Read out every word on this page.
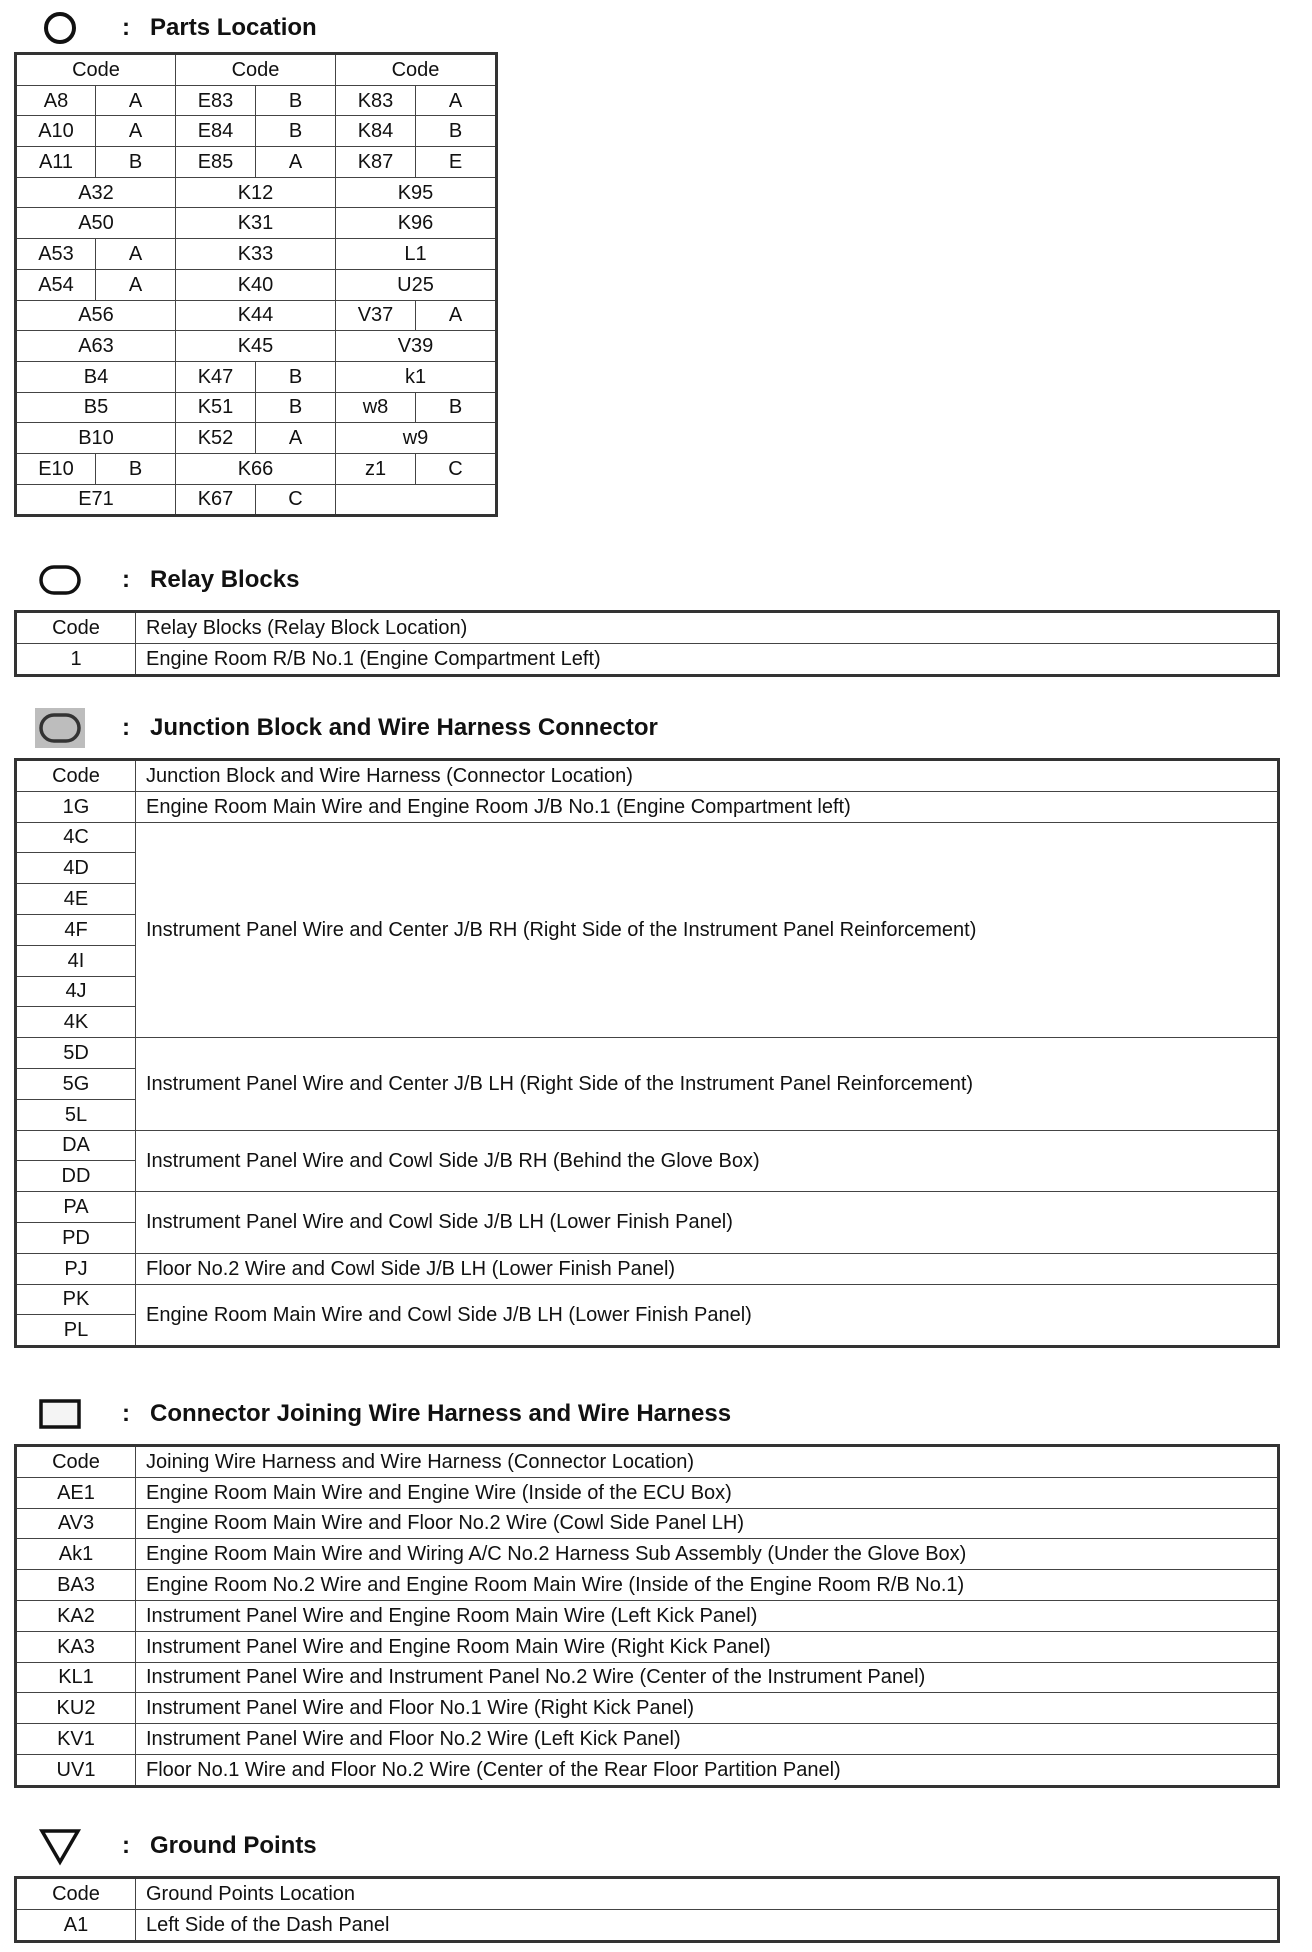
: Parts Location
Code		Code		Code	
A8	A	E83	B	K83	A
A10	A	E84	B	K84	B
A11	B	E85	A	K87	E
A32		K12		K95	
A50		K31		K96	
A53	A	K33		L1	
A54	A	K40		U25	
A56		K44		V37	A
A63		K45		V39	
B4		K47	B	k1	
B5		K51	B	w8	B
B10		K52	A	w9	
E10	B	K66		z1	C
E71		K67	C		
: Relay Blocks
Code	Relay Blocks (Relay Block Location)
1	Engine Room R/B No.1 (Engine Compartment Left)
: Junction Block and Wire Harness Connector
Code	Junction Block and Wire Harness (Connector Location)
1G	Engine Room Main Wire and Engine Room J/B No.1 (Engine Compartment left)
4C	Instrument Panel Wire and Center J/B RH (Right Side of the Instrument Panel Reinforcement)
4D	
4E	
4F	
4I	
4J	
4K	
5D	Instrument Panel Wire and Center J/B LH (Right Side of the Instrument Panel Reinforcement)
5G	
5L	
DA	Instrument Panel Wire and Cowl Side J/B RH (Behind the Glove Box)
DD	
PA	Instrument Panel Wire and Cowl Side J/B LH (Lower Finish Panel)
PD	
PJ	Floor No.2 Wire and Cowl Side J/B LH (Lower Finish Panel)
PK	Engine Room Main Wire and Cowl Side J/B LH (Lower Finish Panel)
PL	
: Connector Joining Wire Harness and Wire Harness
Code	Joining Wire Harness and Wire Harness (Connector Location)
AE1	Engine Room Main Wire and Engine Wire (Inside of the ECU Box)
AV3	Engine Room Main Wire and Floor No.2 Wire (Cowl Side Panel LH)
Ak1	Engine Room Main Wire and Wiring A/C No.2 Harness Sub Assembly (Under the Glove Box)
BA3	Engine Room No.2 Wire and Engine Room Main Wire (Inside of the Engine Room R/B No.1)
KA2	Instrument Panel Wire and Engine Room Main Wire (Left Kick Panel)
KA3	Instrument Panel Wire and Engine Room Main Wire (Right Kick Panel)
KL1	Instrument Panel Wire and Instrument Panel No.2 Wire (Center of the Instrument Panel)
KU2	Instrument Panel Wire and Floor No.1 Wire (Right Kick Panel)
KV1	Instrument Panel Wire and Floor No.2 Wire (Left Kick Panel)
UV1	Floor No.1 Wire and Floor No.2 Wire (Center of the Rear Floor Partition Panel)
: Ground Points
Code	Ground Points Location
A1	Left Side of the Dash Panel
